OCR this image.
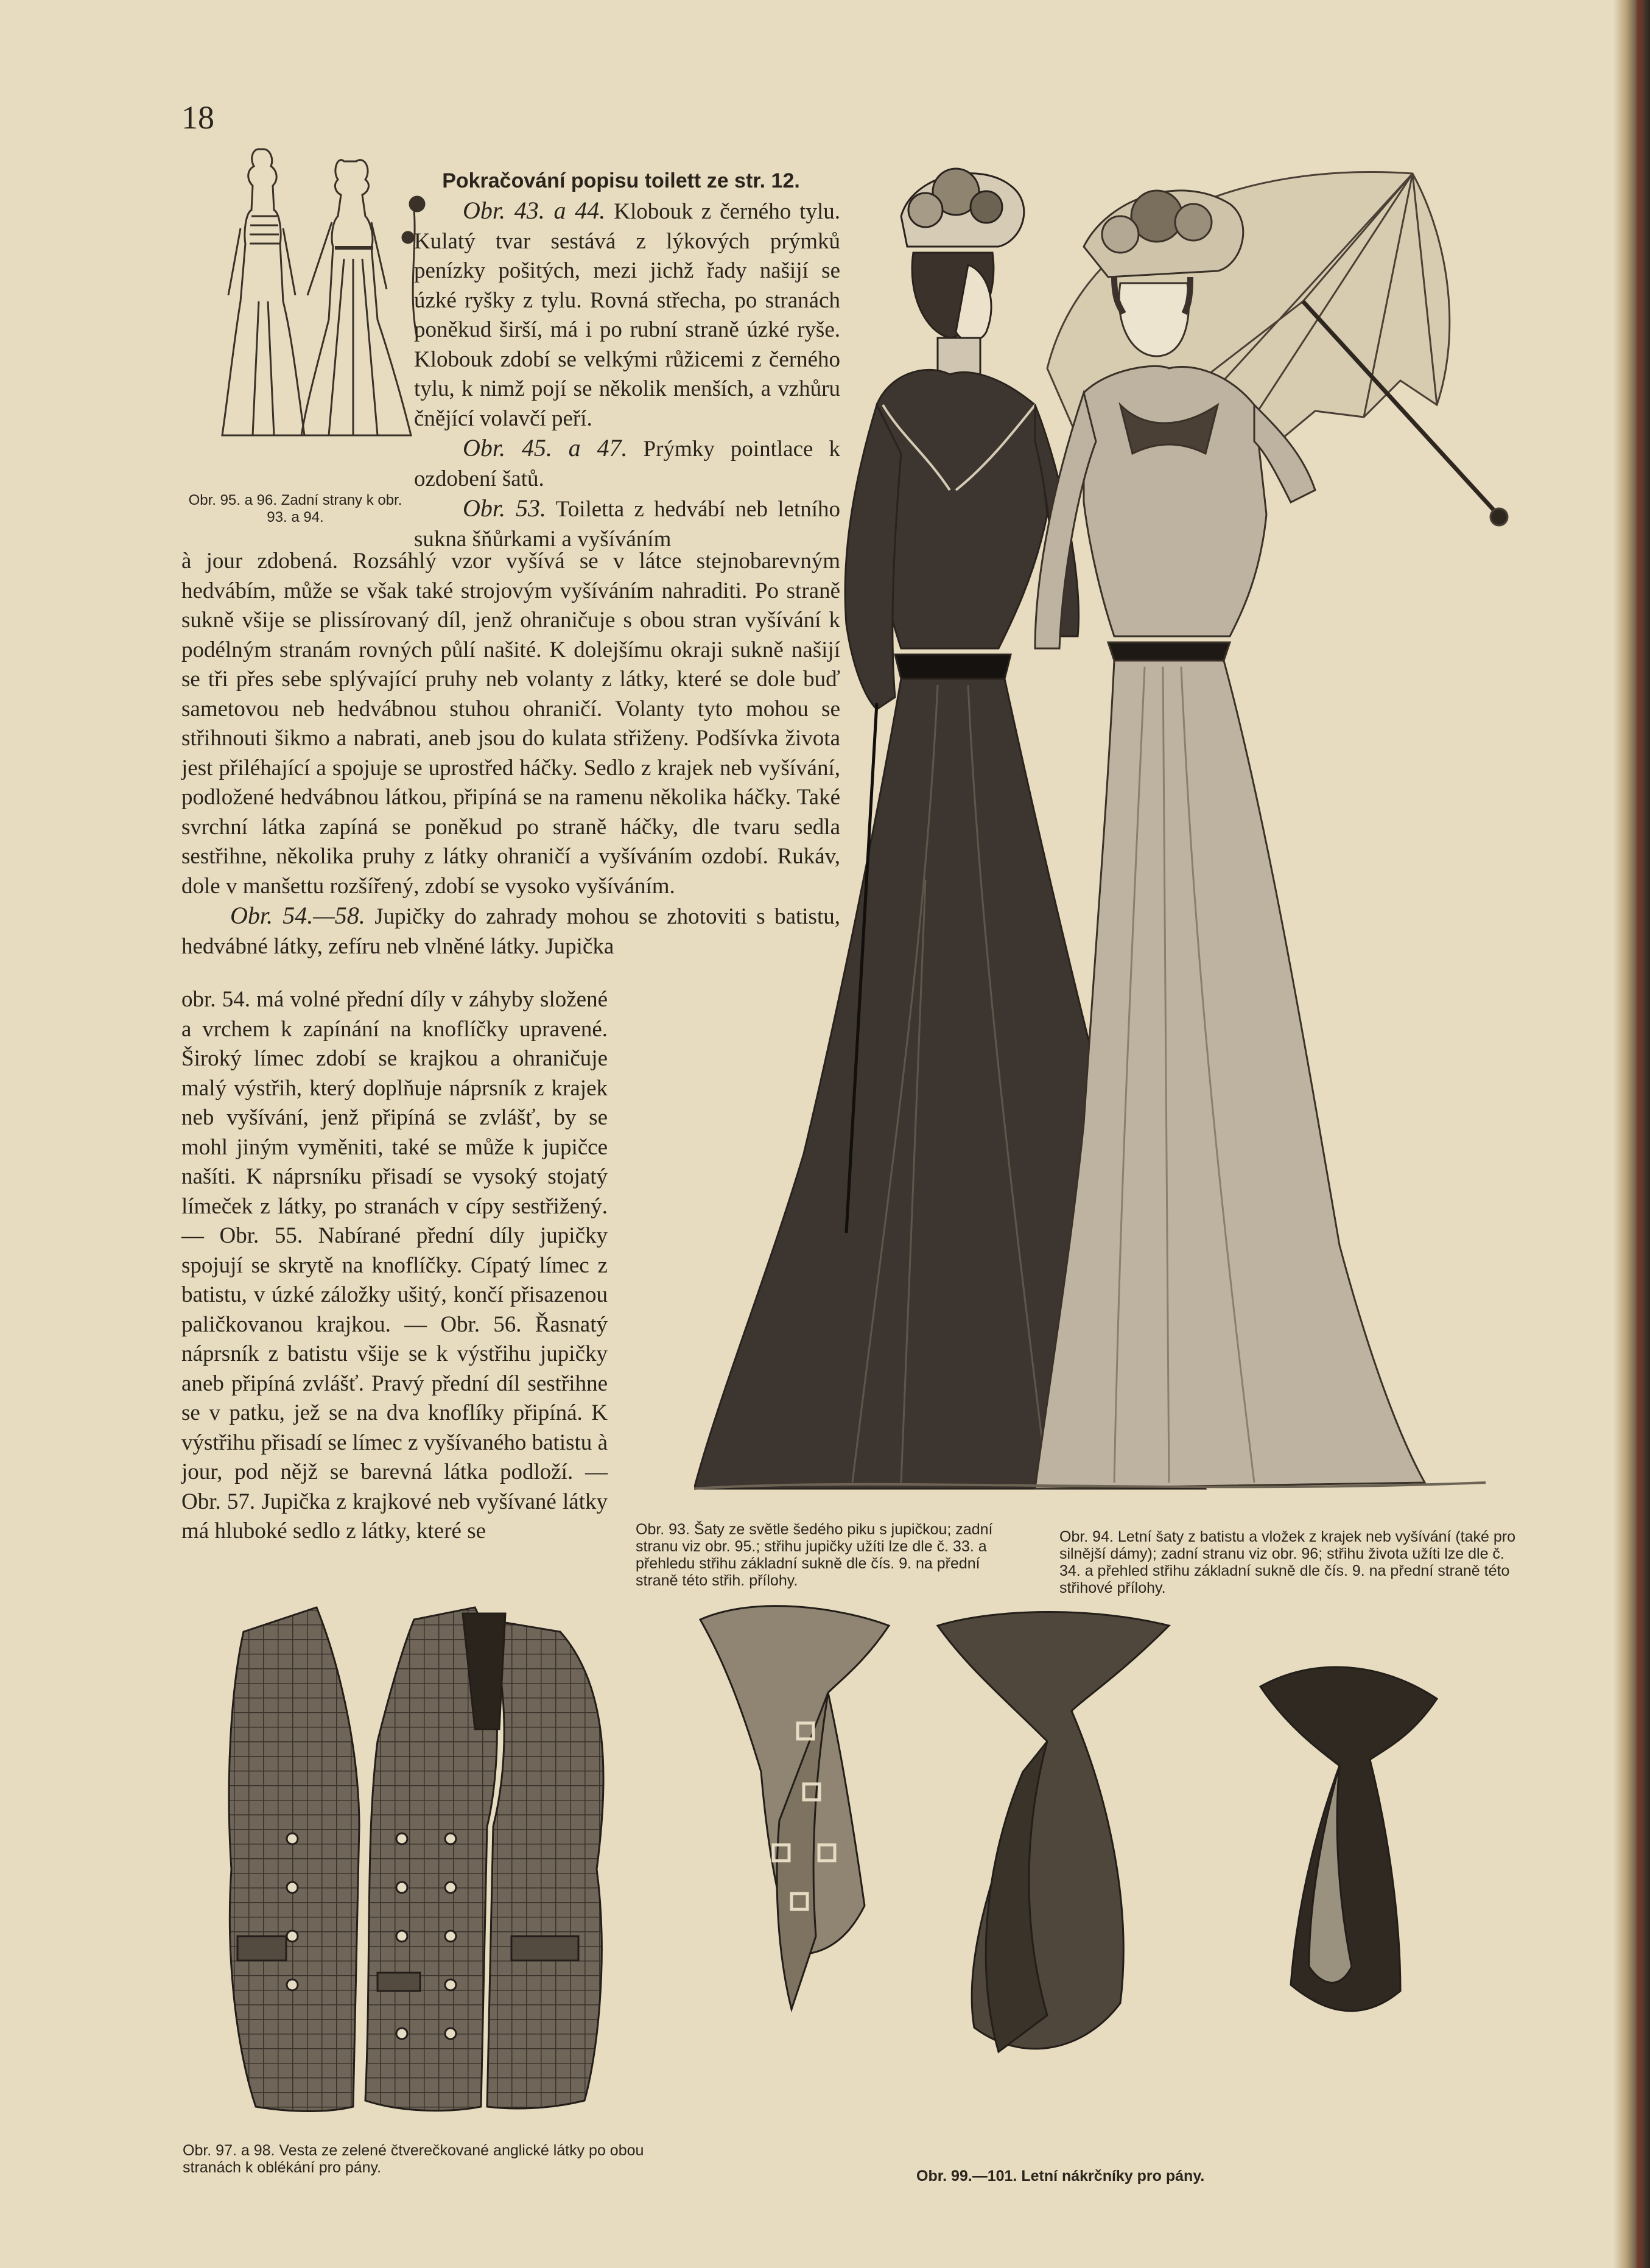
18
Obr. 95. a 96. Zadní strany k obr. 93. a 94.
Pokračování popisu toilett ze str. 12.

Obr. 43. a 44. Klobouk z černého tylu. Kulatý tvar sestává z lýkových prýmků penízky pošitých, mezi jichž řady našijí se úzké ryšky z tylu. Rovná střecha, po stranách poněkud širší, má i po rubní straně úzké ryše. Klobouk zdobí se velkými růžicemi z černého tylu, k nimž pojí se několik menších, a vzhůru čnějící volavčí peří.

Obr. 45. a 47. Prýmky pointlace k ozdobení šatů.

Obr. 53. Toiletta z hedvábí neb letního sukna šňůrkami a vyšíváním

à jour zdobená. Rozsáhlý vzor vyšívá se v látce stejnobarevným hedvábím, může se však také strojovým vyšíváním nahraditi. Po straně sukně všije se plissírovaný díl, jenž ohraničuje s obou stran vyšívání k podélným stranám rovných půlí našité. K dolejšímu okraji sukně našijí se tři přes sebe splývající pruhy neb volanty z látky, které se dole buď sametovou neb hedvábnou stuhou ohraničí. Volanty tyto mohou se střihnouti šikmo a nabrati, aneb jsou do kulata střiženy. Podšívka života jest přiléhající a spojuje se uprostřed háčky. Sedlo z krajek neb vyšívání, podložené hedvábnou látkou, připíná se na ramenu několika háčky. Také svrchní látka zapíná se poněkud po straně háčky, dle tvaru sedla sestřihne, několika pruhy z látky ohraničí a vyšíváním ozdobí. Rukáv, dole v manšettu rozšířený, zdobí se vysoko vyšíváním.

Obr. 54.—58. Jupičky do zahrady mohou se zhotoviti s batistu, hedvábné látky, zefíru neb vlněné látky. Jupička

obr. 54. má volné přední díly v záhyby složené a vrchem k zapínání na knoflíčky upravené. Široký límec zdobí se krajkou a ohraničuje malý výstřih, který doplňuje náprsník z krajek neb vyšívání, jenž připíná se zvlášť, by se mohl jiným vyměniti, také se může k jupičce našíti. K náprsníku přisadí se vysoký stojatý límeček z látky, po stranách v cípy sestřižený. — Obr. 55. Nabírané přední díly jupičky spojují se skrytě na knoflíčky. Cípatý límec z batistu, v úzké záložky ušitý, končí přisazenou paličkovanou krajkou. — Obr. 56. Řasnatý náprsník z batistu všije se k výstřihu jupičky aneb připíná zvlášť. Pravý přední díl sestřihne se v patku, jež se na dva knoflíky připíná. K výstřihu přisadí se límec z vyšívaného batistu à jour, pod nějž se barevná látka podloží. — Obr. 57. Jupička z krajkové neb vyšívané látky má hluboké sedlo z látky, které se	Obr. 93. Šaty ze světle šedého piku s jupičkou; zadní stranu viz obr. 95.; střihu jupičky užíti lze dle č. 33. a přehledu střihu základní sukně dle čís. 9. na přední straně této střih. přílohy.
Obr. 94. Letní šaty z batistu a vložek z krajek neb vyšívání (také pro silnější dámy); zadní stranu viz obr. 96; střihu života užíti lze dle č. 34. a přehled střihu základní sukně dle čís. 9. na přední straně této střihové přílohy.
Obr. 97. a 98. Vesta ze zelené čtverečkované anglické látky po obou stranách k oblékání pro pány.	Obr. 99.—101. Letní nákrčníky pro pány.
